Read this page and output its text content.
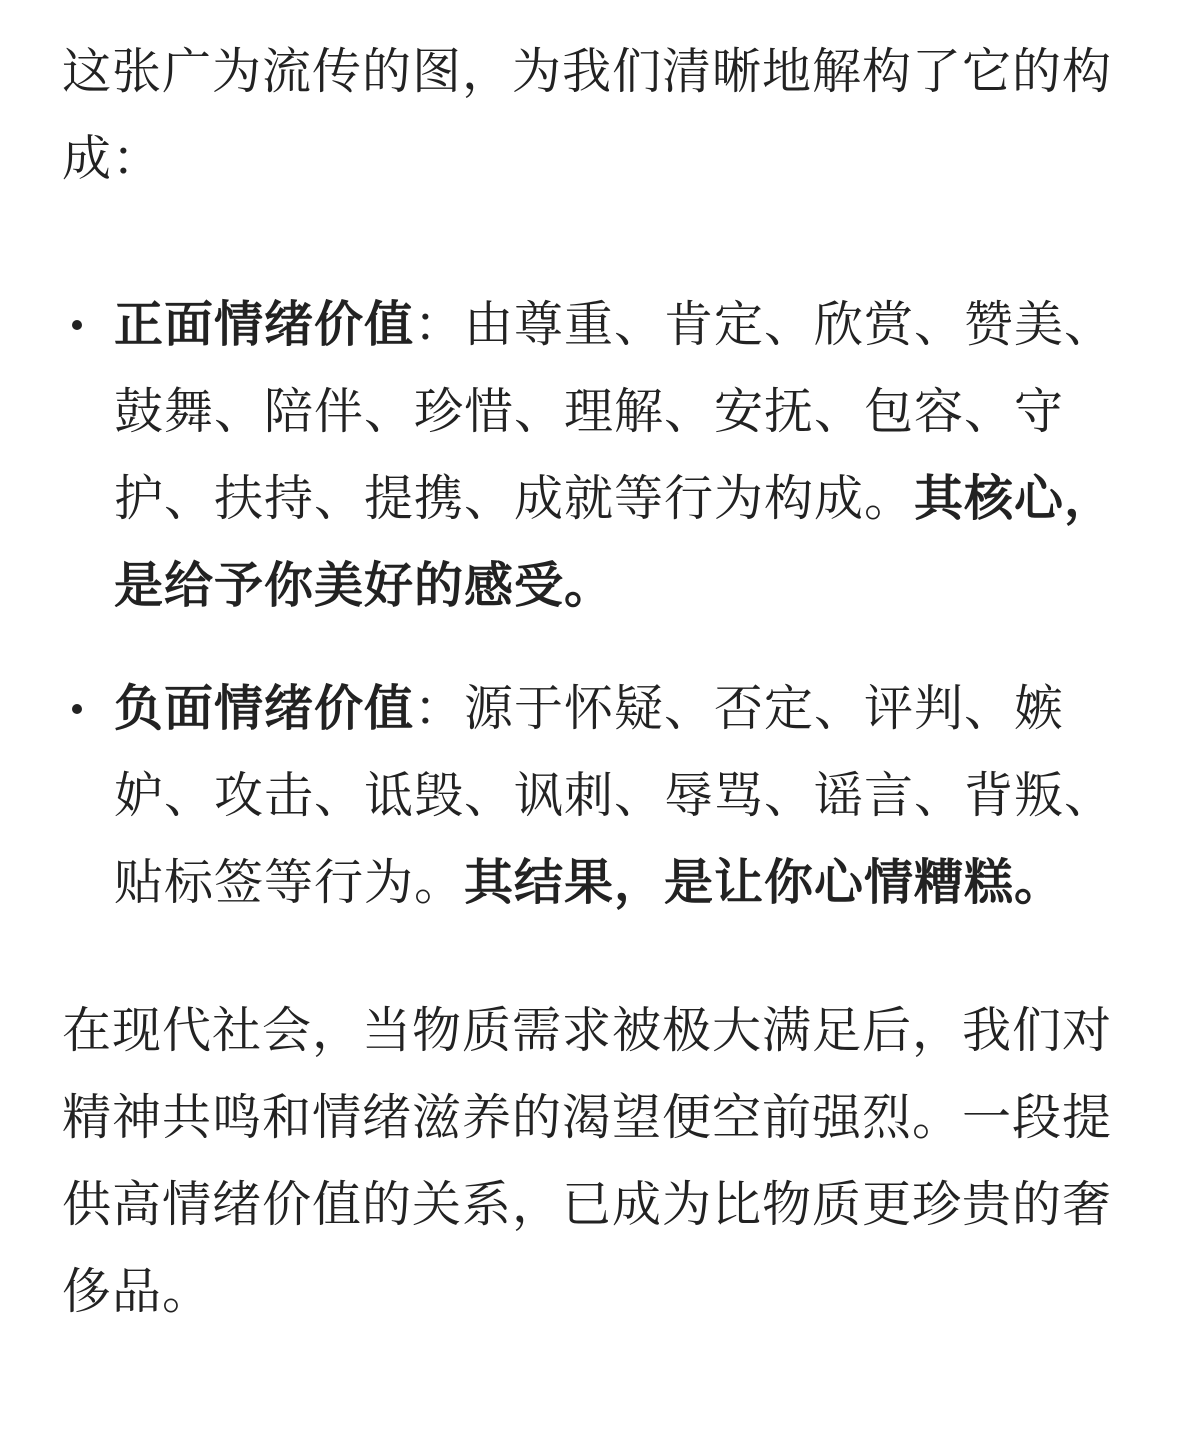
这张广为流传的图，为我们清晰地解构了它的构成：

正面情绪价值：由尊重、肯定、欣赏、赞美、鼓舞、陪伴、珍惜、理解、安抚、包容、守护、扶持、提携、成就等行为构成。其核心，是给予你美好的感受。
负面情绪价值：源于怀疑、否定、评判、嫉妒、攻击、诋毁、讽刺、辱骂、谣言、背叛、贴标签等行为。其结果，是让你心情糟糕。

在现代社会，当物质需求被极大满足后，我们对精神共鸣和情绪滋养的渴望便空前强烈。一段提供高情绪价值的关系，已成为比物质更珍贵的奢侈品。
